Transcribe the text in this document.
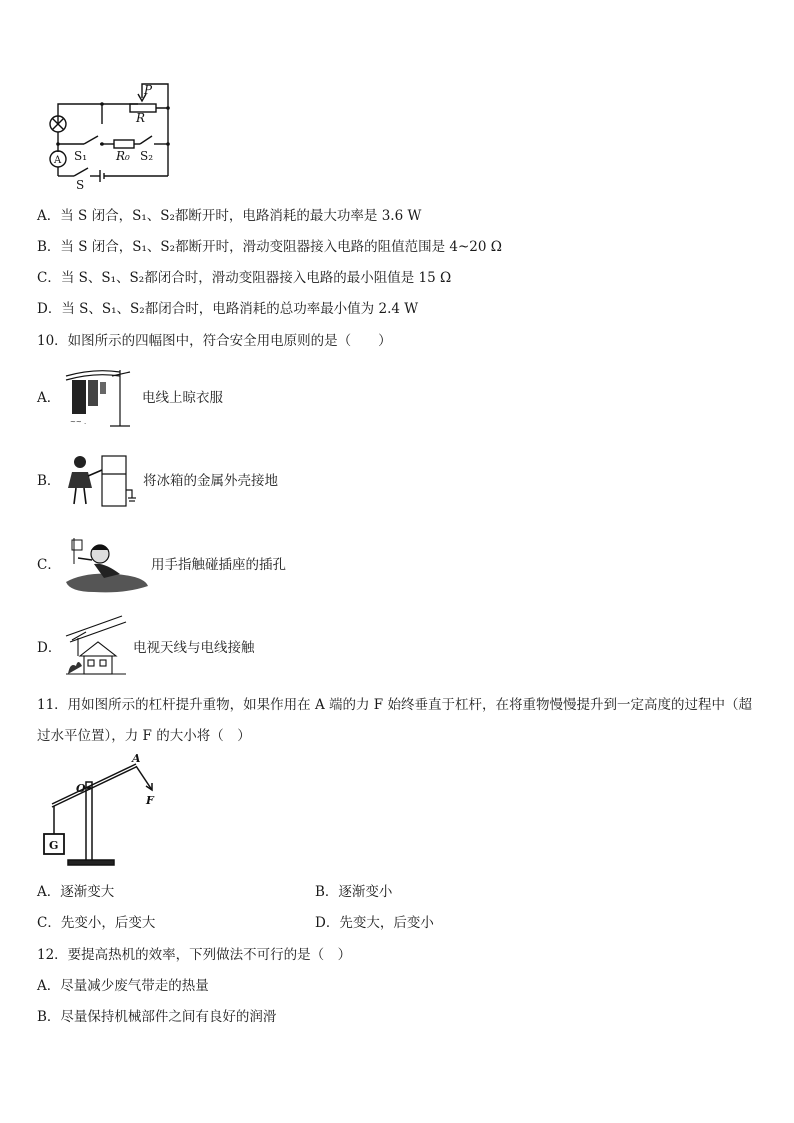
P
R
R₀
S₁	S₂
A
S
A．当 S 闭合，S₁、S₂都断开时，电路消耗的最大功率是 3.6 W
B．当 S 闭合，S₁、S₂都断开时，滑动变阻器接入电路的阻值范围是 4~20 Ω
C．当 S、S₁、S₂都闭合时，滑动变阻器接入电路的最小阻值是 15 Ω
D．当 S、S₁、S₂都闭合时，电路消耗的总功率最小值为 2.4 W
10．如图所示的四幅图中，符合安全用电原则的是（　　）
A．
~~ .
电线上晾衣服
B．	将冰箱的金属外壳接地
C．	用手指触碰插座的插孔
D．	电视天线与电线接触
11．用如图所示的杠杆提升重物，如果作用在 A 端的力 F 始终垂直于杠杆，在将重物慢慢提升到一定高度的过程中（超
过水平位置），力 F 的大小将（　）
A
O
F
G
A．逐渐变大	B．逐渐变小
C．先变小，后变大	D．先变大，后变小
12．要提高热机的效率，下列做法不可行的是（　）
A．尽量减少废气带走的热量
B．尽量保持机械部件之间有良好的润滑
